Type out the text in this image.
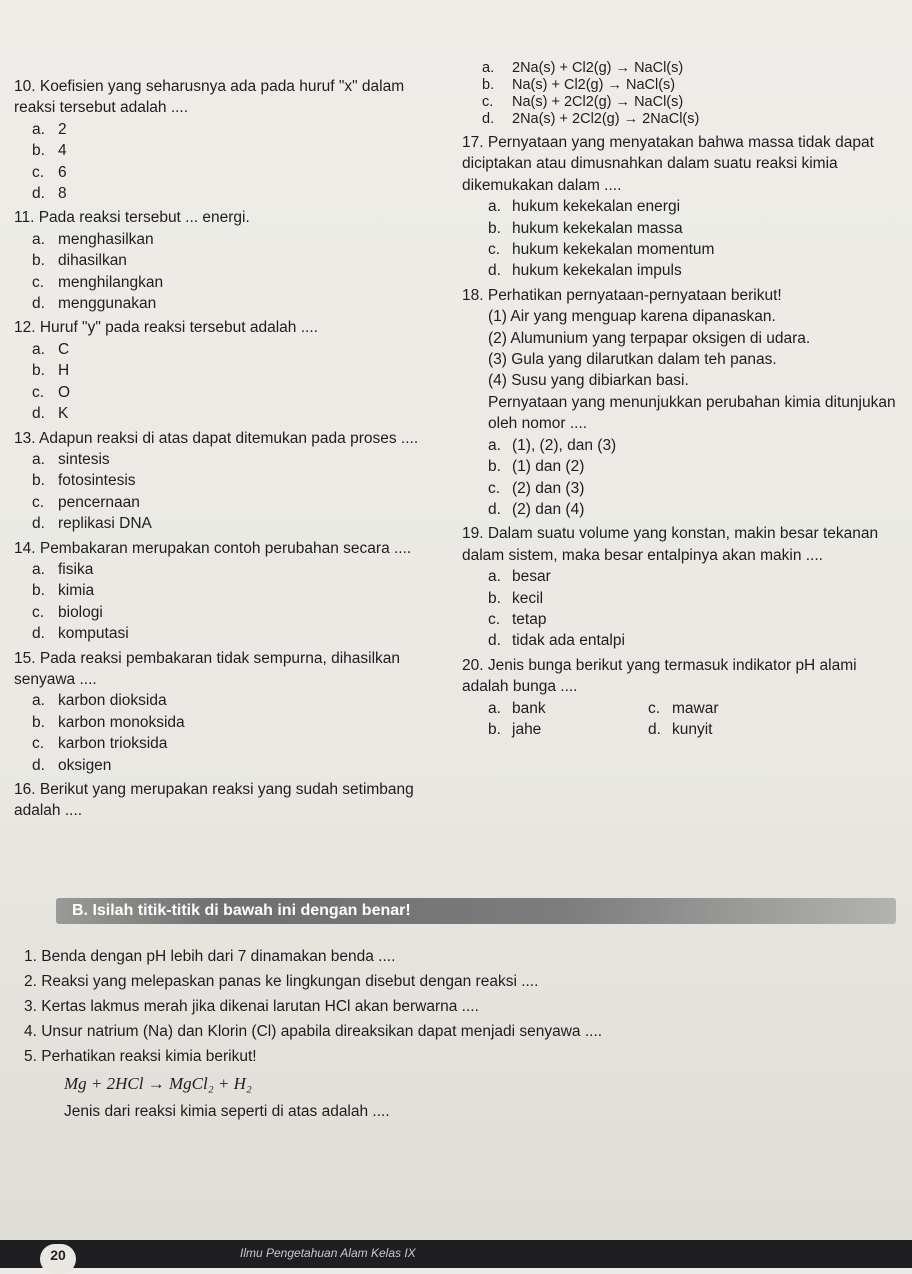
10. Koefisien yang seharusnya ada pada huruf "x" dalam reaksi tersebut adalah ....

a. 2

b. 4

c. 6

d. 8

11. Pada reaksi tersebut ... energi.

a. menghasilkan

b. dihasilkan

c. menghilangkan

d. menggunakan

12. Huruf "y" pada reaksi tersebut adalah ....

a. C

b. H

c. O

d. K

13. Adapun reaksi di atas dapat ditemukan pada proses ....

a. sintesis

b. fotosintesis

c. pencernaan

d. replikasi DNA

14. Pembakaran merupakan contoh perubahan secara ....

a. fisika

b. kimia

c. biologi

d. komputasi

15. Pada reaksi pembakaran tidak sempurna, dihasilkan senyawa ....

a. karbon dioksida

b. karbon monoksida

c. karbon trioksida

d. oksigen

16. Berikut yang merupakan reaksi yang sudah setimbang adalah ....

a. 2Na(s) + Cl2(g) → NaCl(s)

b. Na(s) + Cl2(g) → NaCl(s)

c. Na(s) + 2Cl2(g) → NaCl(s)

d. 2Na(s) + 2Cl2(g) → 2NaCl(s)

17. Pernyataan yang menyatakan bahwa massa tidak dapat diciptakan atau dimusnahkan dalam suatu reaksi kimia dikemukakan dalam ....

a. hukum kekekalan energi

b. hukum kekekalan massa

c. hukum kekekalan momentum

d. hukum kekekalan impuls

18. Perhatikan pernyataan-pernyataan berikut!

(1) Air yang menguap karena dipanaskan.

(2) Alumunium yang terpapar oksigen di udara.

(3) Gula yang dilarutkan dalam teh panas.

(4) Susu yang dibiarkan basi.

Pernyataan yang menunjukkan perubahan kimia ditunjukan oleh nomor ....

a. (1), (2), dan (3)

b. (1) dan (2)

c. (2) dan (3)

d. (2) dan (4)

19. Dalam suatu volume yang konstan, makin besar tekanan dalam sistem, maka besar entalpinya akan makin ....

a. besar

b. kecil

c. tetap

d. tidak ada entalpi

20. Jenis bunga berikut yang termasuk indikator pH alami adalah bunga ....

a. bank	c. mawar
b. jahe	d. kunyit
B. Isilah titik-titik di bawah ini dengan benar!

1. Benda dengan pH lebih dari 7 dinamakan benda ....

2. Reaksi yang melepaskan panas ke lingkungan disebut dengan reaksi ....

3. Kertas lakmus merah jika dikenai larutan HCl akan berwarna ....

4. Unsur natrium (Na) dan Klorin (Cl) apabila direaksikan dapat menjadi senyawa ....

5. Perhatikan reaksi kimia berikut!

Mg + 2HCl → MgCl₂ + H₂

Jenis dari reaksi kimia seperti di atas adalah ....

20	Ilmu Pengetahuan Alam Kelas IX
